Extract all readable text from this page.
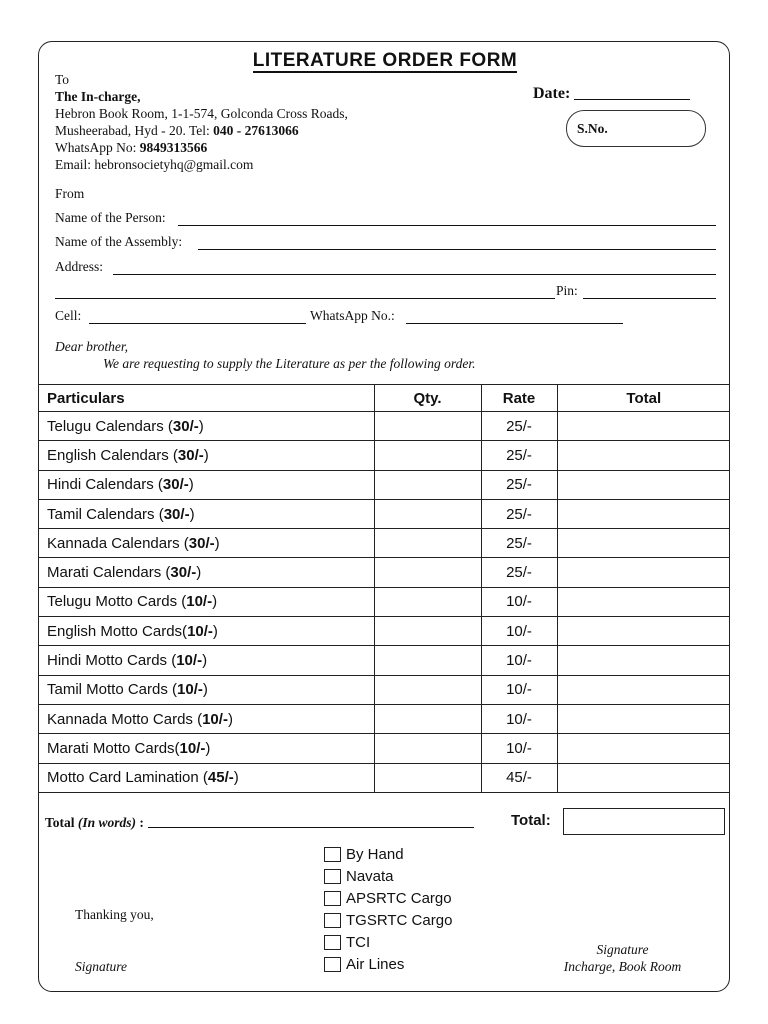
LITERATURE ORDER FORM
To
The In-charge,
Hebron Book Room, 1-1-574, Golconda Cross Roads,
Musheerabad, Hyd - 20. Tel: 040 - 27613066
WhatsApp No: 9849313566
Email: hebronsocietyhq@gmail.com
Date:
S.No.
From
Name of the Person:
Name of the Assembly:
Address:
Pin:
Cell:	WhatsApp No.:
Dear brother,
We are requesting to supply the Literature as per the following order.
Particulars	Qty.	Rate	Total
Telugu Calendars (30/-)		25/-	
English Calendars (30/-)		25/-	
Hindi Calendars (30/-)		25/-	
Tamil Calendars (30/-)		25/-	
Kannada Calendars (30/-)		25/-	
Marati Calendars (30/-)		25/-	
Telugu Motto Cards (10/-)		10/-	
English Motto Cards(10/-)		10/-	
Hindi Motto Cards (10/-)		10/-	
Tamil Motto Cards (10/-)		10/-	
Kannada Motto Cards (10/-)		10/-	
Marati Motto Cards(10/-)		10/-	
Motto Card Lamination (45/-)		45/-	
Total (In words) :	Total:
By Hand
Navata
APSRTC Cargo
TGSRTC Cargo
TCI
Air Lines
Thanking you,
Signature
Signature
Incharge, Book Room
